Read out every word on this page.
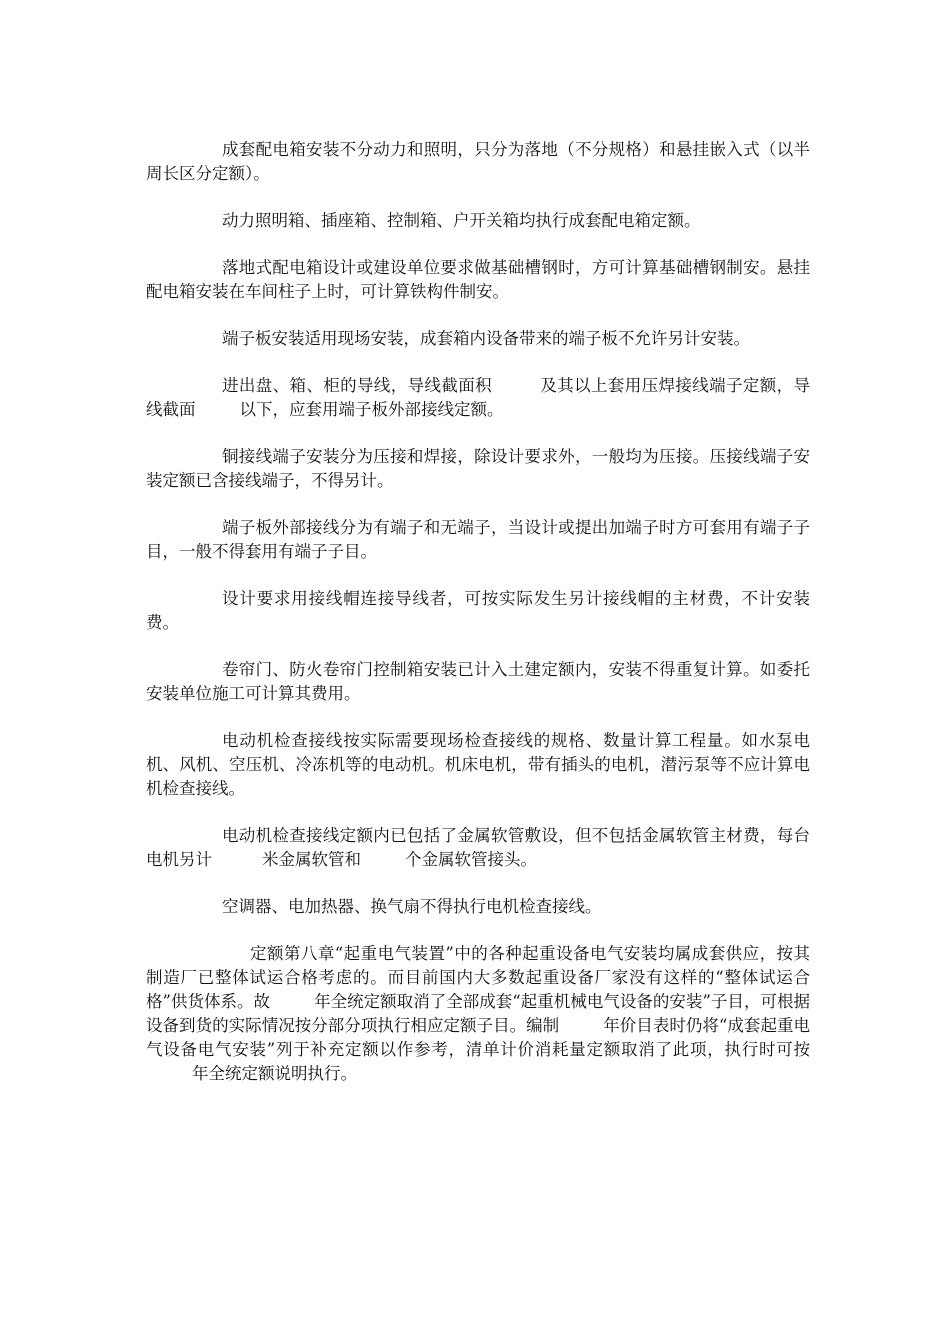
成套配电箱安装不分动力和照明，只分为落地（不分规格）和悬挂嵌入式（以半周长区分定额）。

动力照明箱、插座箱、控制箱、户开关箱均执行成套配电箱定额。

落地式配电箱设计或建设单位要求做基础槽钢时，方可计算基础槽钢制安。悬挂配电箱安装在车间柱子上时，可计算铁构件制安。

端子板安装适用现场安装，成套箱内设备带来的端子板不允许另计安装。

进出盘、箱、柜的导线，导线截面积	及其以上套用压焊接线端子定额，导线截面	以下，应套用端子板外部接线定额。

铜接线端子安装分为压接和焊接，除设计要求外，一般均为压接。压接线端子安装定额已含接线端子，不得另计。

端子板外部接线分为有端子和无端子，当设计或提出加端子时方可套用有端子子目，一般不得套用有端子子目。

设计要求用接线帽连接导线者，可按实际发生另计接线帽的主材费，不计安装费。

卷帘门、防火卷帘门控制箱安装已计入土建定额内，安装不得重复计算。如委托安装单位施工可计算其费用。

电动机检查接线按实际需要现场检查接线的规格、数量计算工程量。如水泵电机、风机、空压机、冷冻机等的电动机。机床电机，带有插头的电机，潜污泵等不应计算电机检查接线。

电动机检查接线定额内已包括了金属软管敷设，但不包括金属软管主材费，每台电机另计	米金属软管和	个金属软管接头。

空调器、电加热器、换气扇不得执行电机检查接线。

定额第八章“起重电气装置”中的各种起重设备电气安装均属成套供应，按其制造厂已整体试运合格考虑的。而目前国内大多数起重设备厂家没有这样的“整体试运合格”供货体系。故	年全统定额取消了全部成套“起重机械电气设备的安装”子目，可根据设备到货的实际情况按分部分项执行相应定额子目。编制	年价目表时仍将“成套起重电气设备电气安装”列于补充定额以作参考，清单计价消耗量定额取消了此项，执行时可按年全统定额说明执行。
